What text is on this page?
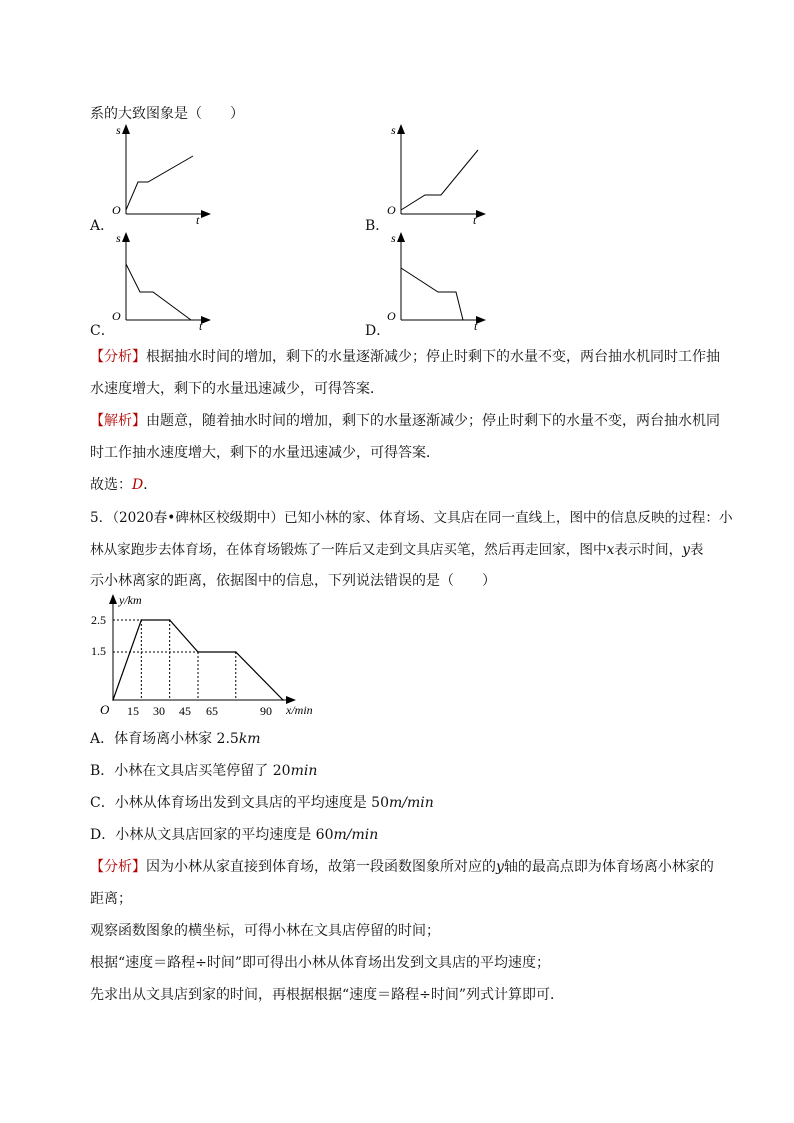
系的大致图象是（　　）
s
O
t
A．
s
O
t
B．
s
O
t
C．
s
O
t
D．
【分析】根据抽水时间的增加，剩下的水量逐渐减少；停止时剩下的水量不变，两台抽水机同时工作抽
水速度增大，剩下的水量迅速减少，可得答案．
【解析】由题意，随着抽水时间的增加，剩下的水量逐渐减少；停止时剩下的水量不变，两台抽水机同
时工作抽水速度增大，剩下的水量迅速减少，可得答案．
故选：D．
5．（2020春•碑林区校级期中）已知小林的家、体育场、文具店在同一直线上，图中的信息反映的过程：小
林从家跑步去体育场，在体育场锻炼了一阵后又走到文具店买笔，然后再走回家，图中x表示时间，y表
示小林离家的距离，依据图中的信息，下列说法错误的是（　　）
y/km
x/min
O
2.5
1.5
15 30 45 65	90
A．体育场离小林家 2.5km
B．小林在文具店买笔停留了 20min
C．小林从体育场出发到文具店的平均速度是 50m/min
D．小林从文具店回家的平均速度是 60m/min
【分析】因为小林从家直接到体育场，故第一段函数图象所对应的y轴的最高点即为体育场离小林家的
距离；
观察函数图象的横坐标，可得小林在文具店停留的时间；
根据“速度＝路程÷时间”即可得出小林从体育场出发到文具店的平均速度；
先求出从文具店到家的时间，再根据根据“速度＝路程÷时间”列式计算即可．
